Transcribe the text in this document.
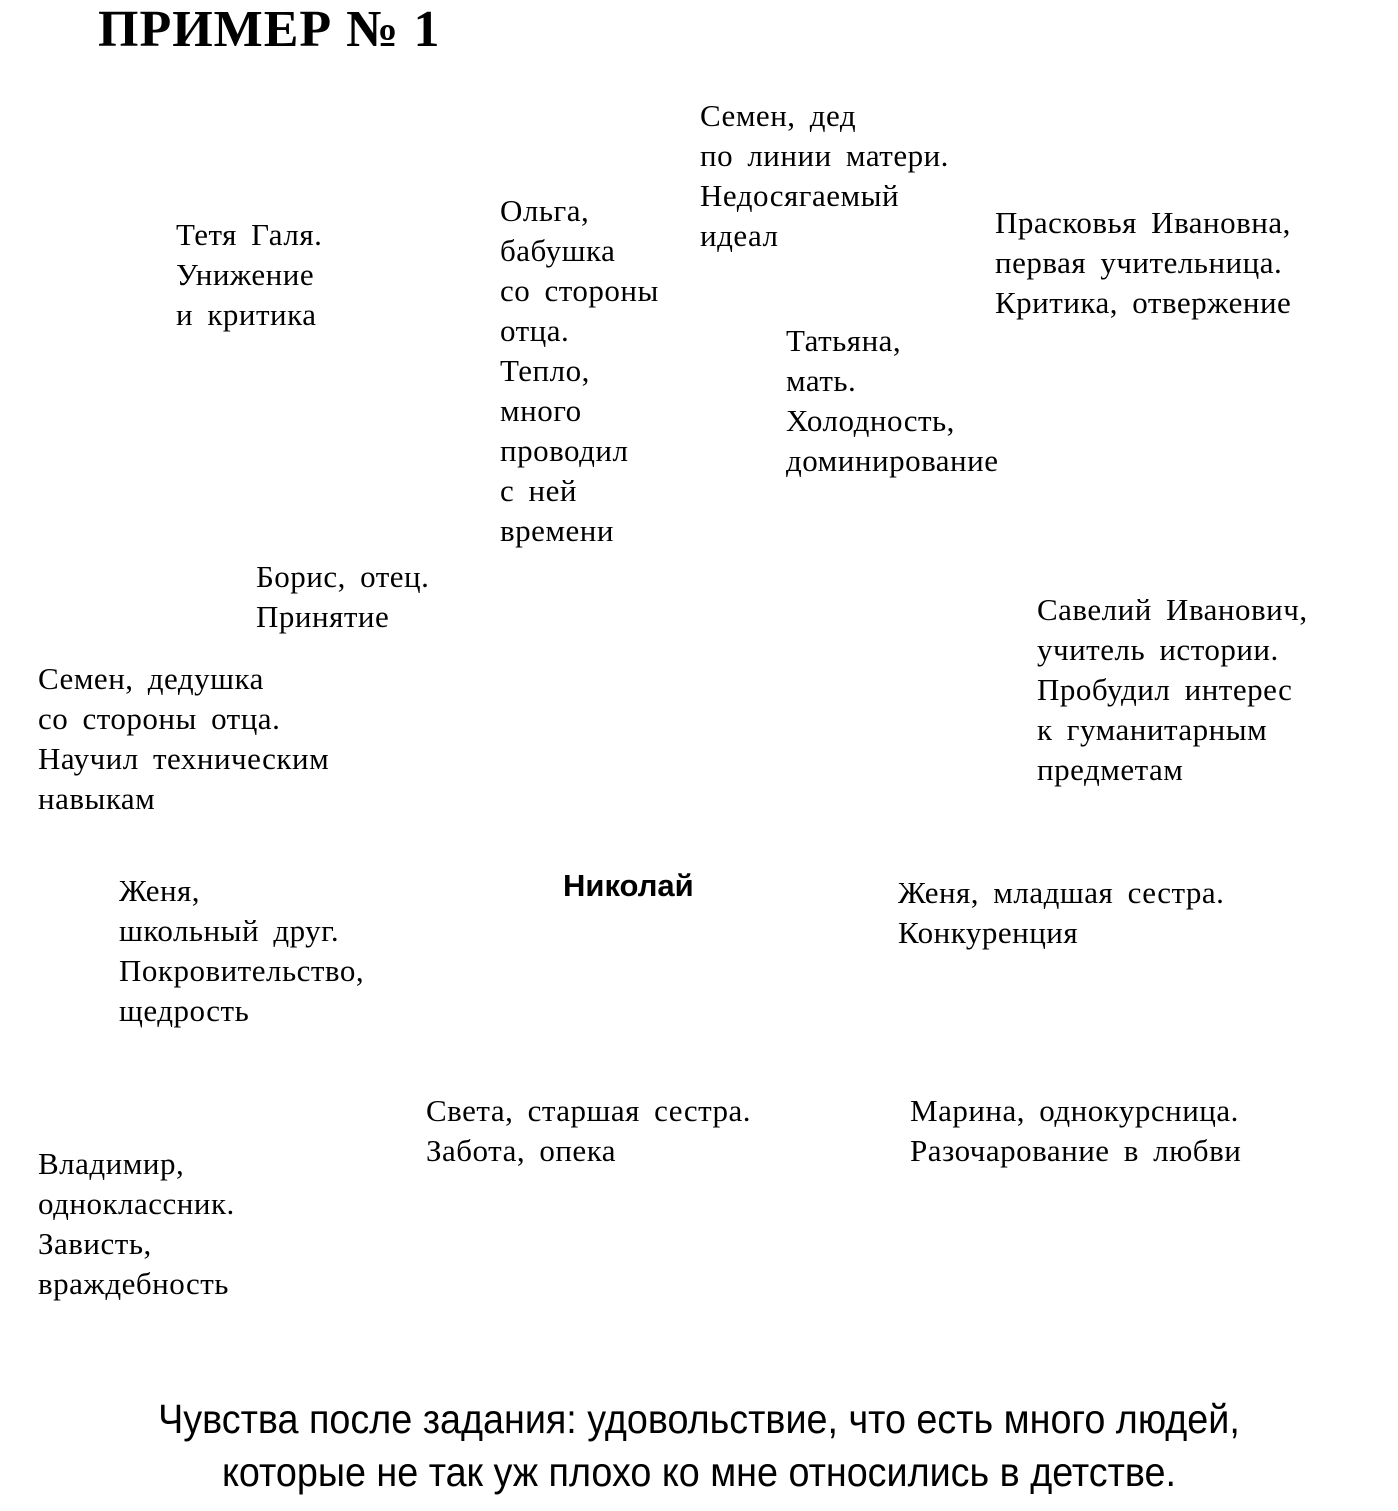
ПРИМЕР № 1
Семен, дед
по линии матери.
Недосягаемый
идеал
Тетя Галя.
Унижение
и критика
Ольга,
бабушка
со стороны
отца.
Тепло,
много
проводил
с ней
времени
Прасковья Ивановна,
первая учительница.
Критика, отвержение
Татьяна,
мать.
Холодность,
доминирование
Борис, отец.
Принятие	Савелий Иванович,
учитель истории.
Пробудил интерес
к гуманитарным
предметам
Семен, дедушка
со стороны отца.
Научил техническим
навыкам
Николай
Женя,
школьный друг.
Покровительство,
щедрость
Женя, младшая сестра.
Конкуренция
Света, старшая сестра.
Забота, опека
Марина, однокурсница.
Разочарование в любви
Владимир,
одноклассник.
Зависть,
враждебность
Чувства после задания: удовольствие, что есть много людей,
которые не так уж плохо ко мне относились в детстве.
